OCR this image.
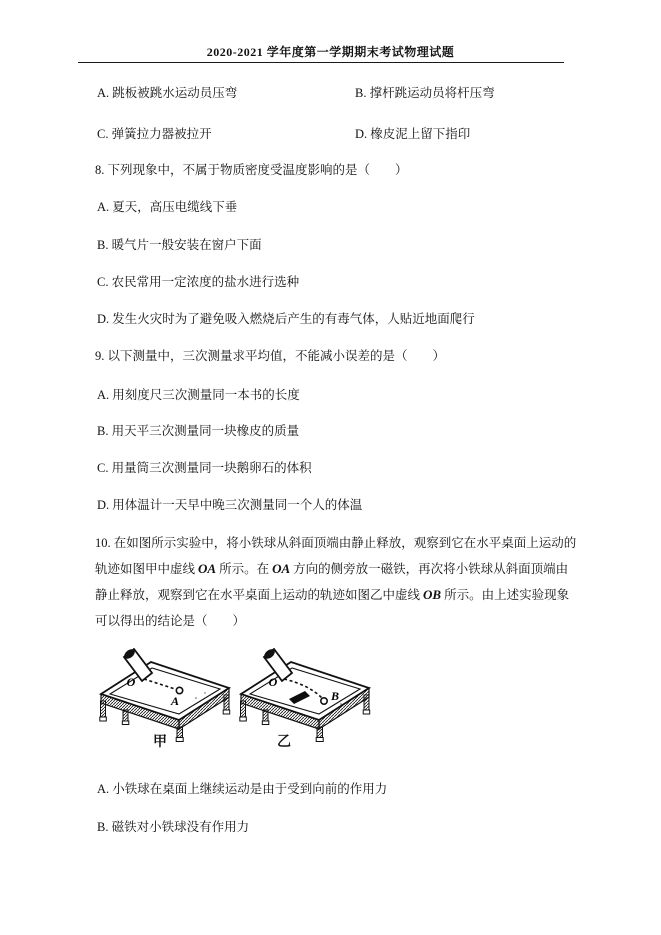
2020-2021 学年度第一学期期末考试物理试题
A. 跳板被跳水运动员压弯	B. 撑杆跳运动员将杆压弯
C. 弹簧拉力器被拉开	D. 橡皮泥上留下指印
8. 下列现象中，不属于物质密度受温度影响的是（　　）
A. 夏天，高压电缆线下垂
B. 暖气片一般安装在窗户下面
C. 农民常用一定浓度的盐水进行选种
D. 发生火灾时为了避免吸入燃烧后产生的有毒气体，人贴近地面爬行
9. 以下测量中，三次测量求平均值，不能减小误差的是（　　）
A. 用刻度尺三次测量同一本书的长度
B. 用天平三次测量同一块橡皮的质量
C. 用量筒三次测量同一块鹅卵石的体积
D. 用体温计一天早中晚三次测量同一个人的体温
10. 在如图所示实验中，将小铁球从斜面顶端由静止释放，观察到它在水平桌面上运动的轨迹如图甲中虚线 OA 所示。在 OA 方向的侧旁放一磁铁，再次将小铁球从斜面顶端由静止释放，观察到它在水平桌面上运动的轨迹如图乙中虚线 OB 所示。由上述实验现象可以得出的结论是（　　）
O
A
O
B
甲	乙
A. 小铁球在桌面上继续运动是由于受到向前的作用力
B. 磁铁对小铁球没有作用力
